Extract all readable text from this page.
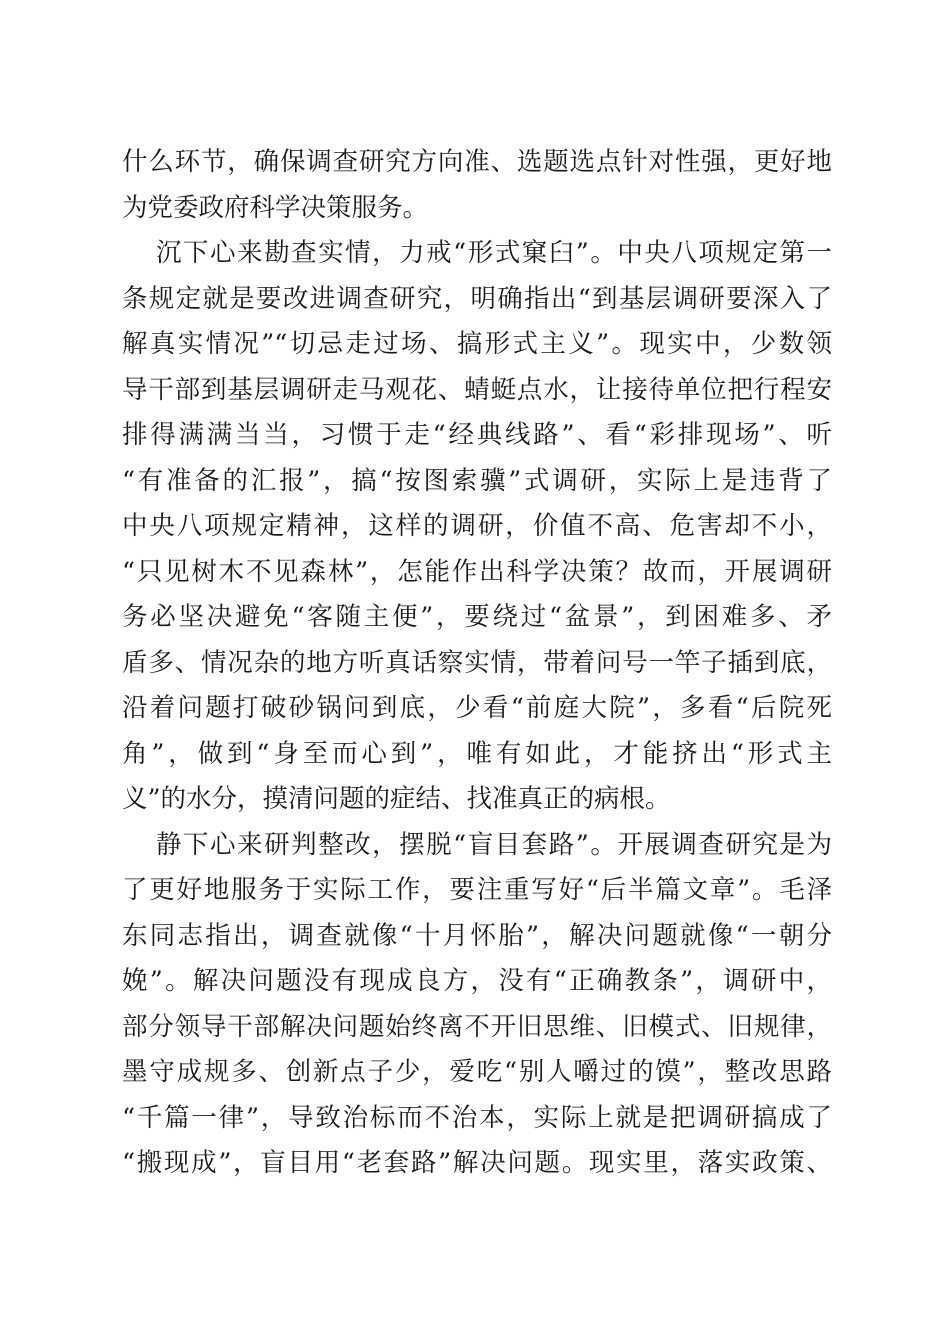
什么环节，确保调查研究方向准、选题选点针对性强，更好地
为党委政府科学决策服务。
沉下心来勘查实情，力戒“形式窠臼”。中央八项规定第一
条规定就是要改进调查研究，明确指出“到基层调研要深入了
解真实情况”“切忌走过场、搞形式主义”。现实中，少数领
导干部到基层调研走马观花、蜻蜓点水，让接待单位把行程安
排得满满当当，习惯于走“经典线路”、看“彩排现场”、听
“有准备的汇报”，搞“按图索骥”式调研，实际上是违背了
中央八项规定精神，这样的调研，价值不高、危害却不小，
“只见树木不见森林”，怎能作出科学决策？故而，开展调研
务必坚决避免“客随主便”，要绕过“盆景”，到困难多、矛
盾多、情况杂的地方听真话察实情，带着问号一竿子插到底，
沿着问题打破砂锅问到底，少看“前庭大院”，多看“后院死
角”，做到“身至而心到”，唯有如此，才能挤出“形式主
义”的水分，摸清问题的症结、找准真正的病根。
静下心来研判整改，摆脱“盲目套路”。开展调查研究是为
了更好地服务于实际工作，要注重写好“后半篇文章”。毛泽
东同志指出，调查就像“十月怀胎”，解决问题就像“一朝分
娩”。解决问题没有现成良方，没有“正确教条”，调研中，
部分领导干部解决问题始终离不开旧思维、旧模式、旧规律，
墨守成规多、创新点子少，爱吃“别人嚼过的馍”，整改思路
“千篇一律”，导致治标而不治本，实际上就是把调研搞成了
“搬现成”，盲目用“老套路”解决问题。现实里，落实政策、
